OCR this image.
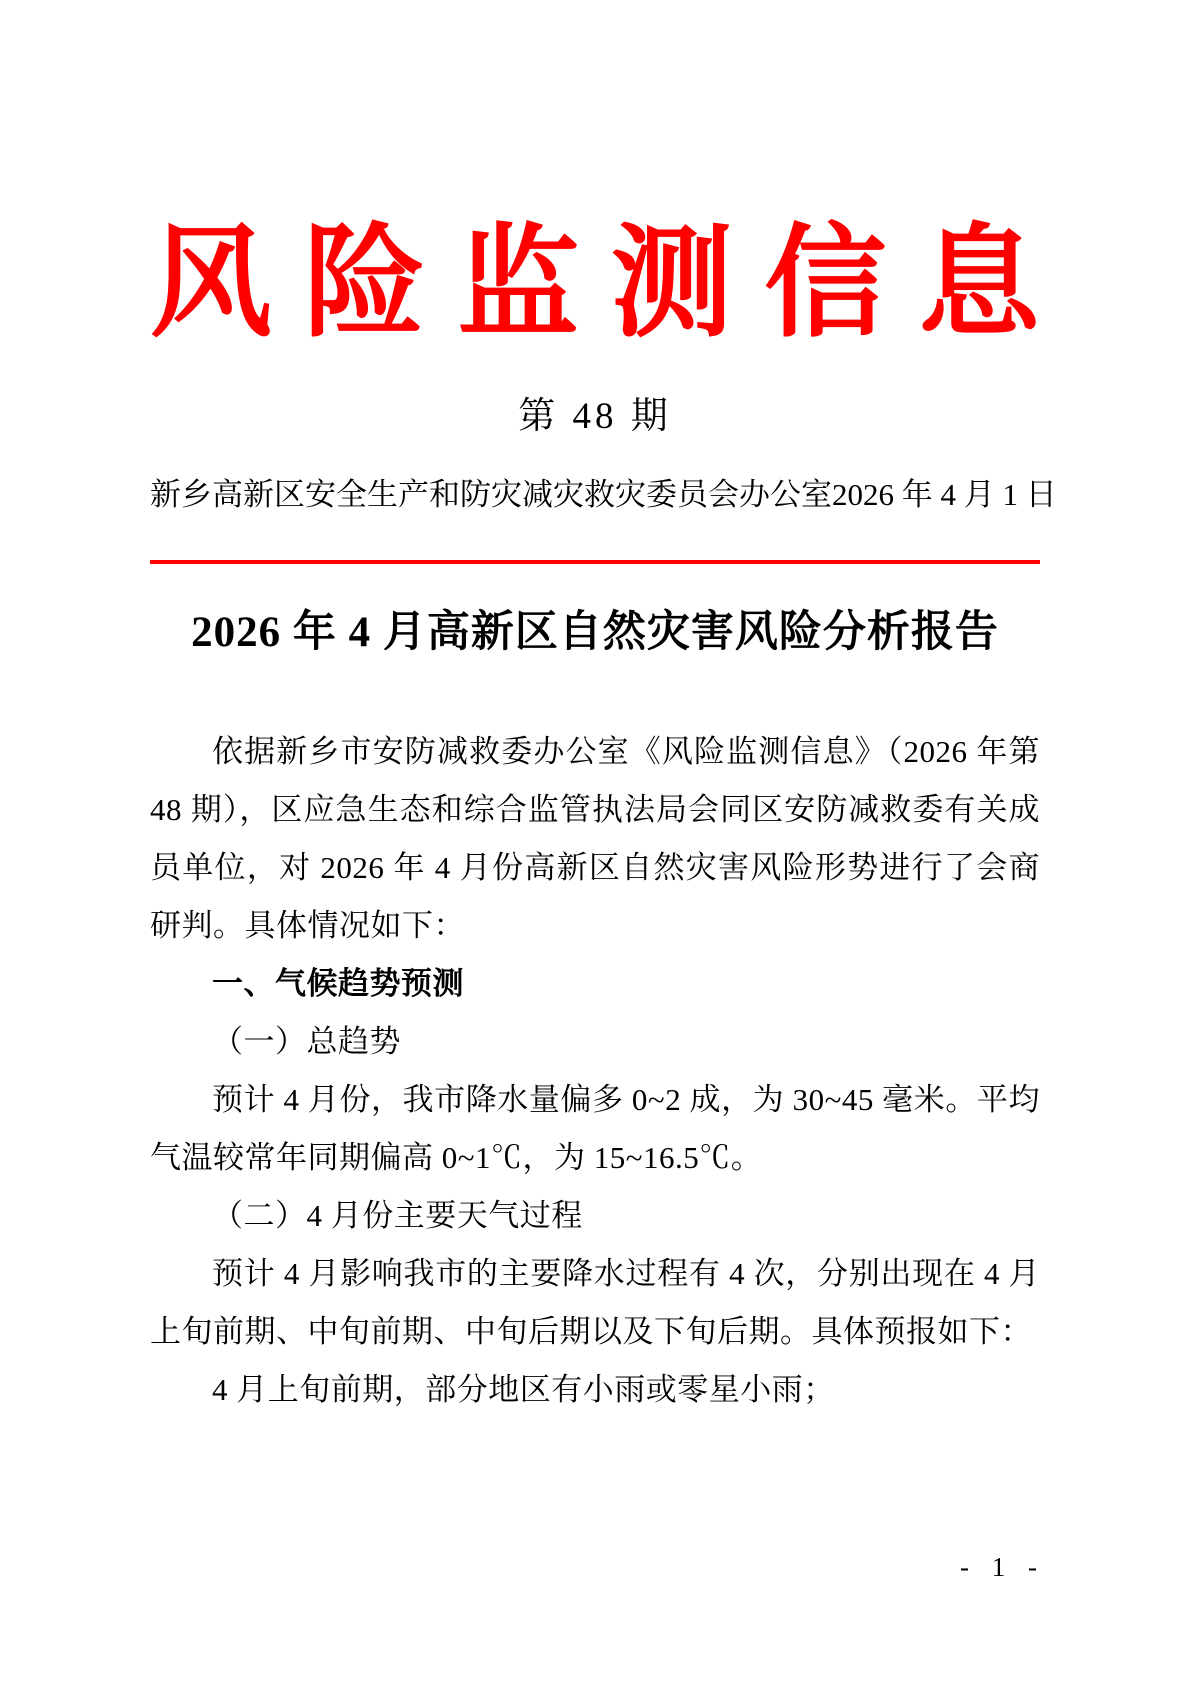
风 险 监 测 信 息
第 48 期
新乡高新区安全生产和防灾减灾救灾委员会办公室 2026 年 4 月 1 日
2026 年 4 月高新区自然灾害风险分析报告

依据新乡市安防减救委办公室《风险监测信息》（2026 年第 48 期），区应急生态和综合监管执法局会同区安防减救委有关成员单位，对 2026 年 4 月份高新区自然灾害风险形势进行了会商研判。具体情况如下：

一、气候趋势预测
（一）总趋势

预计 4 月份，我市降水量偏多 0~2 成，为 30~45 毫米。平均气温较常年同期偏高 0~1℃，为 15~16.5℃。

（二）4 月份主要天气过程

预计 4 月影响我市的主要降水过程有 4 次，分别出现在 4 月上旬前期、中旬前期、中旬后期以及下旬后期。具体预报如下：

4 月上旬前期，部分地区有小雨或零星小雨；

- 1 -
